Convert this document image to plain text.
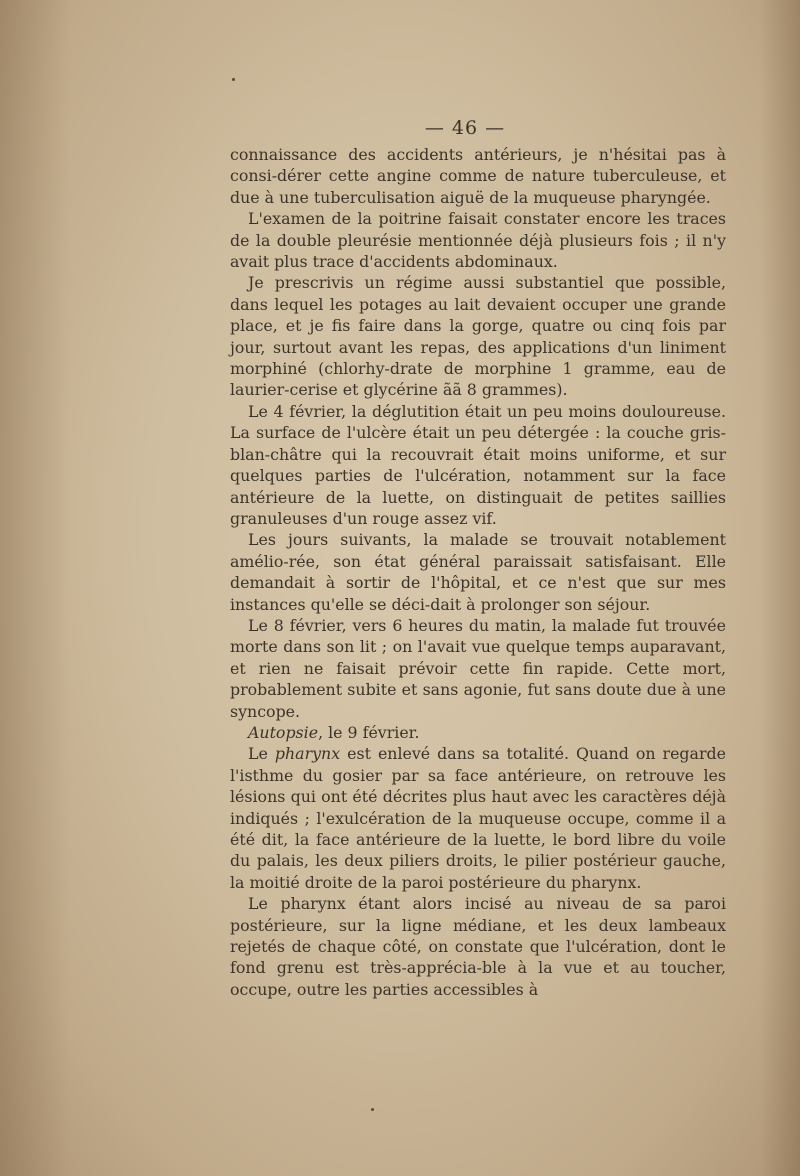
— 46 —

connaissance des accidents antérieurs, je n'hésitai pas à consi-dérer cette angine comme de nature tuberculeuse, et due à une tuberculisation aiguë de la muqueuse pharyngée.

L'examen de la poitrine faisait constater encore les traces de la double pleurésie mentionnée déjà plusieurs fois ; il n'y avait plus trace d'accidents abdominaux.

Je prescrivis un régime aussi substantiel que possible, dans lequel les potages au lait devaient occuper une grande place, et je fis faire dans la gorge, quatre ou cinq fois par jour, surtout avant les repas, des applications d'un liniment morphiné (chlorhy-drate de morphine 1 gramme, eau de laurier-cerise et glycérine ãã 8 grammes).

Le 4 février, la déglutition était un peu moins douloureuse. La surface de l'ulcère était un peu détergée : la couche gris-blan-châtre qui la recouvrait était moins uniforme, et sur quelques parties de l'ulcération, notamment sur la face antérieure de la luette, on distinguait de petites saillies granuleuses d'un rouge assez vif.

Les jours suivants, la malade se trouvait notablement amélio-rée, son état général paraissait satisfaisant. Elle demandait à sortir de l'hôpital, et ce n'est que sur mes instances qu'elle se déci-dait à prolonger son séjour.

Le 8 février, vers 6 heures du matin, la malade fut trouvée morte dans son lit ; on l'avait vue quelque temps auparavant, et rien ne faisait prévoir cette fin rapide. Cette mort, probablement subite et sans agonie, fut sans doute due à une syncope.

Autopsie, le 9 février.

Le pharynx est enlevé dans sa totalité. Quand on regarde l'isthme du gosier par sa face antérieure, on retrouve les lésions qui ont été décrites plus haut avec les caractères déjà indiqués ; l'exulcération de la muqueuse occupe, comme il a été dit, la face antérieure de la luette, le bord libre du voile du palais, les deux piliers droits, le pilier postérieur gauche, la moitié droite de la paroi postérieure du pharynx.

Le pharynx étant alors incisé au niveau de sa paroi postérieure, sur la ligne médiane, et les deux lambeaux rejetés de chaque côté, on constate que l'ulcération, dont le fond grenu est très-apprécia-ble à la vue et au toucher, occupe, outre les parties accessibles à
